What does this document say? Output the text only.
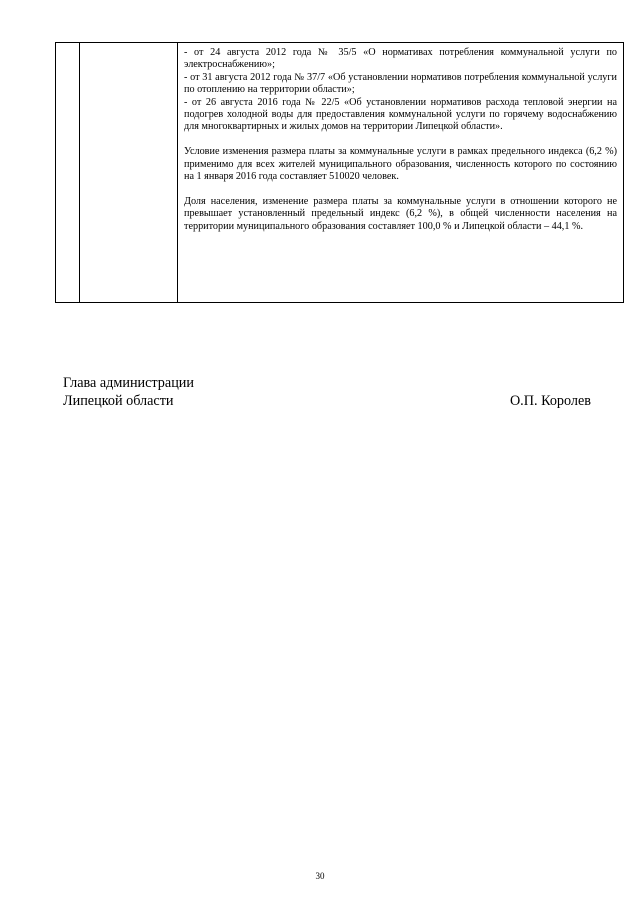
- от 24 августа 2012 года № 35/5 «О нормативах потребления коммунальной услуги по электроснабжению»;
- от 31 августа 2012 года № 37/7 «Об установлении нормативов потребления коммунальной услуги по отоплению на территории области»;
- от 26 августа 2016 года № 22/5 «Об установлении нормативов расхода тепловой энергии на подогрев холодной воды для предоставления коммунальной услуги по горячему водоснабжению для многоквартирных и жилых домов на территории Липецкой области».
Условие изменения размера платы за коммунальные услуги в рамках предельного индекса (6,2 %) применимо для всех жителей муниципального образования, численность которого по состоянию на 1 января 2016 года составляет 510020 человек.
Доля населения, изменение размера платы за коммунальные услуги в отношении которого не превышает установленный предельный индекс (6,2 %), в общей численности населения на территории муниципального образования составляет 100,0 % и Липецкой области – 44,1 %.
Глава администрации
Липецкой области	О.П. Королев
30
